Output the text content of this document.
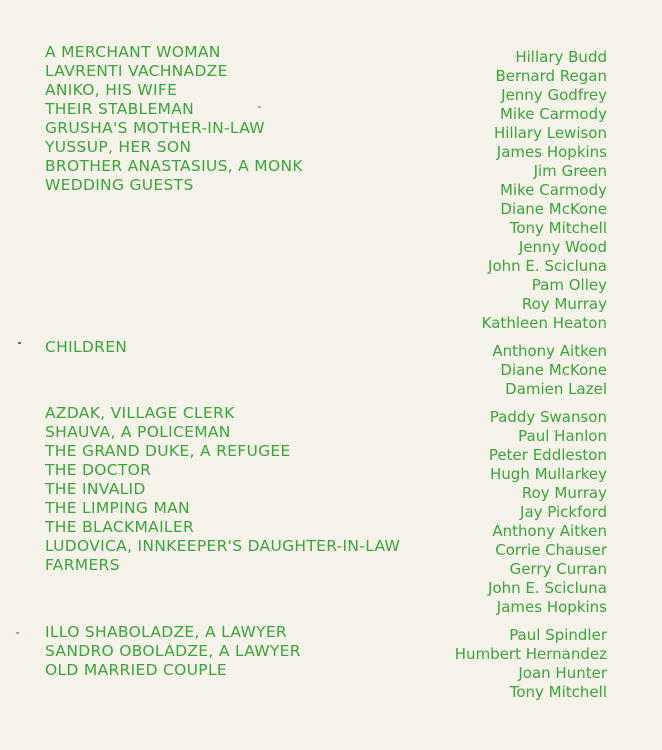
A MERCHANT WOMAN
LAVRENTI VACHNADZE
ANIKO, HIS WIFE
THEIR STABLEMAN
GRUSHA'S MOTHER-IN-LAW
YUSSUP, HER SON
BROTHER ANASTASIUS, A MONK
WEDDING GUESTS
Hillary Budd
Bernard Regan
Jenny Godfrey
Mike Carmody
Hillary Lewison
James Hopkins
Jim Green
Mike Carmody
Diane McKone
Tony Mitchell
Jenny Wood
John E. Scicluna
Pam Olley
Roy Murray
Kathleen Heaton
CHILDREN	Anthony Aitken
Diane McKone
Damien Lazel
AZDAK, VILLAGE CLERK
SHAUVA, A POLICEMAN
THE GRAND DUKE, A REFUGEE
THE DOCTOR
THE INVALID
THE LIMPING MAN
THE BLACKMAILER
LUDOVICA, INNKEEPER'S DAUGHTER-IN-LAW
FARMERS
Paddy Swanson
Paul Hanlon
Peter Eddleston
Hugh Mullarkey
Roy Murray
Jay Pickford
Anthony Aitken
Corrie Chauser
Gerry Curran
John E. Scicluna
James Hopkins
ILLO SHABOLADZE, A LAWYER
SANDRO OBOLADZE, A LAWYER
OLD MARRIED COUPLE
Paul Spindler
Humbert Hernandez
Joan Hunter
Tony Mitchell
